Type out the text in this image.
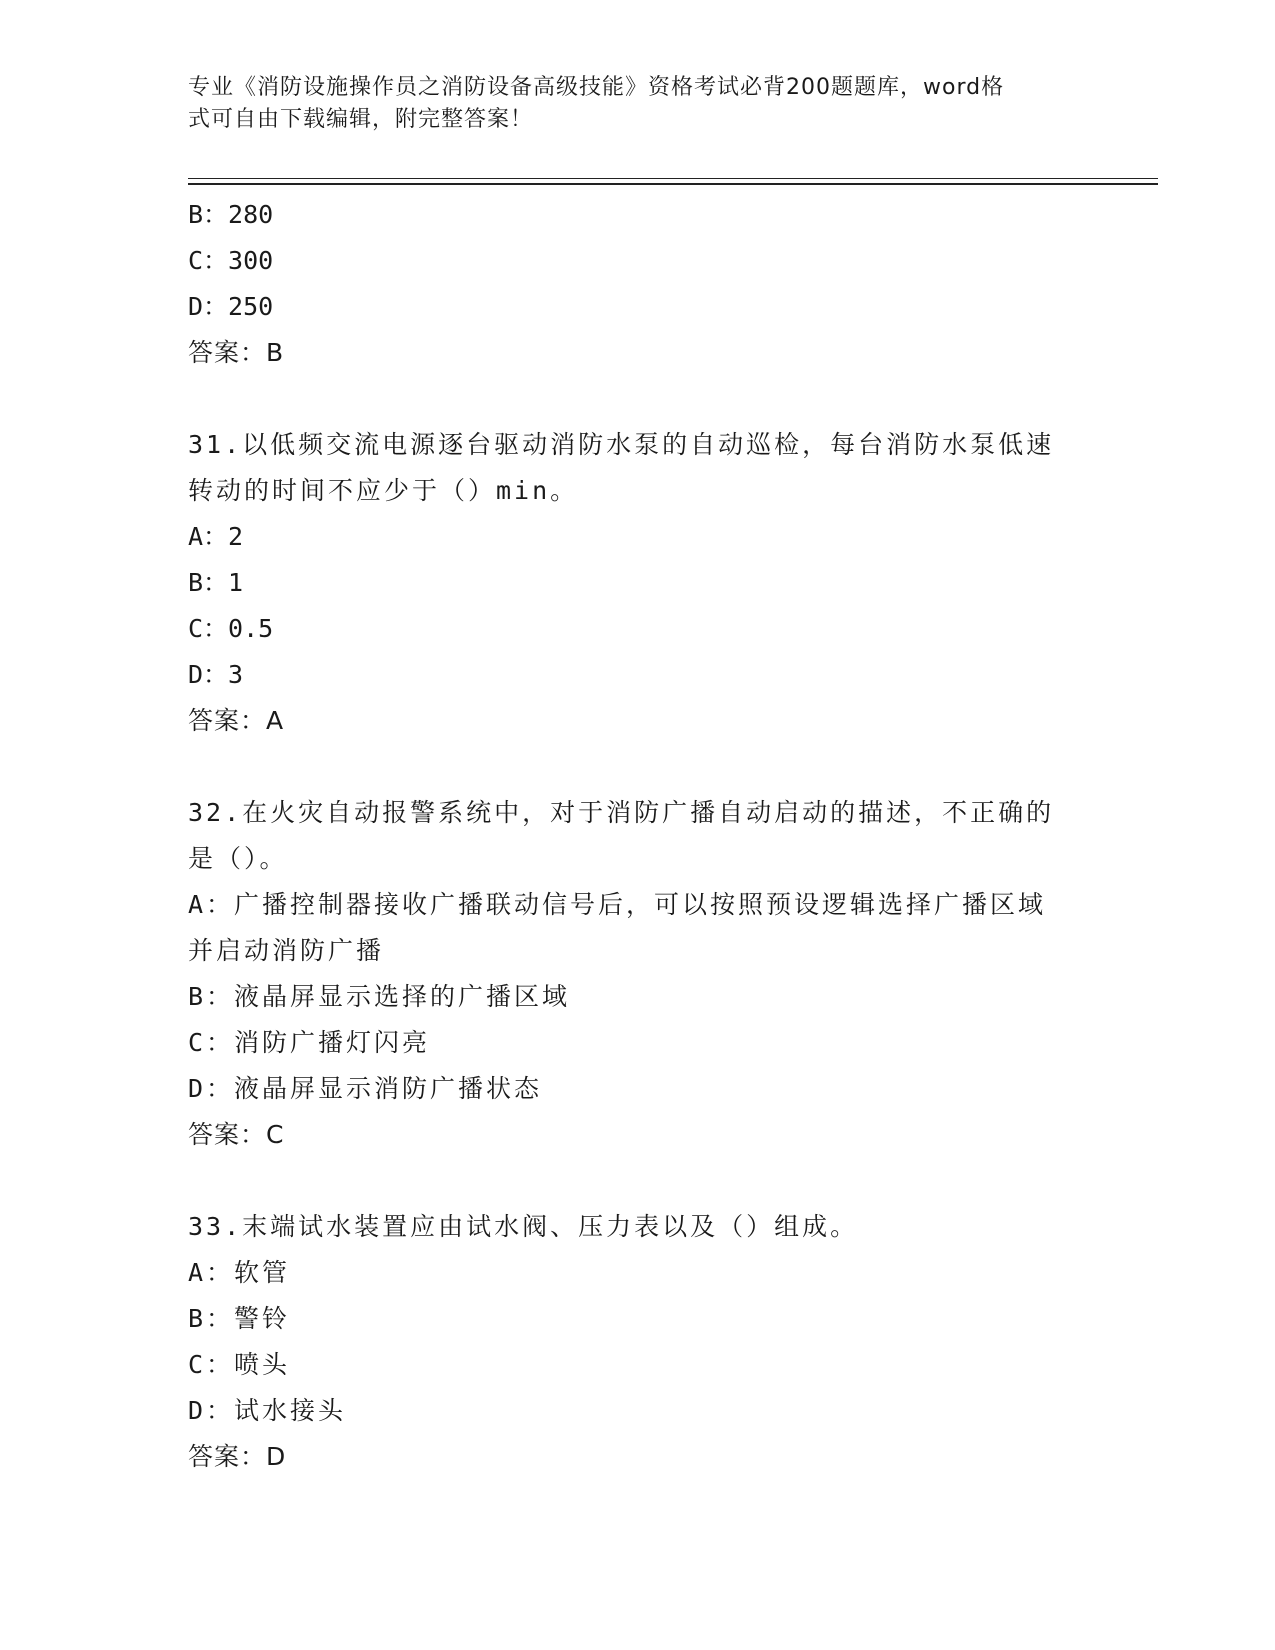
专业《消防设施操作员之消防设备高级技能》资格考试必背200题题库，word格
式可自由下载编辑，附完整答案！

B：280

C：300

D：250

答案：B

31.以低频交流电源逐台驱动消防水泵的自动巡检，每台消防水泵低速

转动的时间不应少于（）min。

A：2

B：1

C：0.5

D：3

答案：A

32.在火灾自动报警系统中，对于消防广播自动启动的描述，不正确的

是（）。

A：广播控制器接收广播联动信号后，可以按照预设逻辑选择广播区域

并启动消防广播

B：液晶屏显示选择的广播区域

C：消防广播灯闪亮

D：液晶屏显示消防广播状态

答案：C

33.末端试水装置应由试水阀、压力表以及（）组成。

A：软管

B：警铃

C：喷头

D：试水接头

答案：D
